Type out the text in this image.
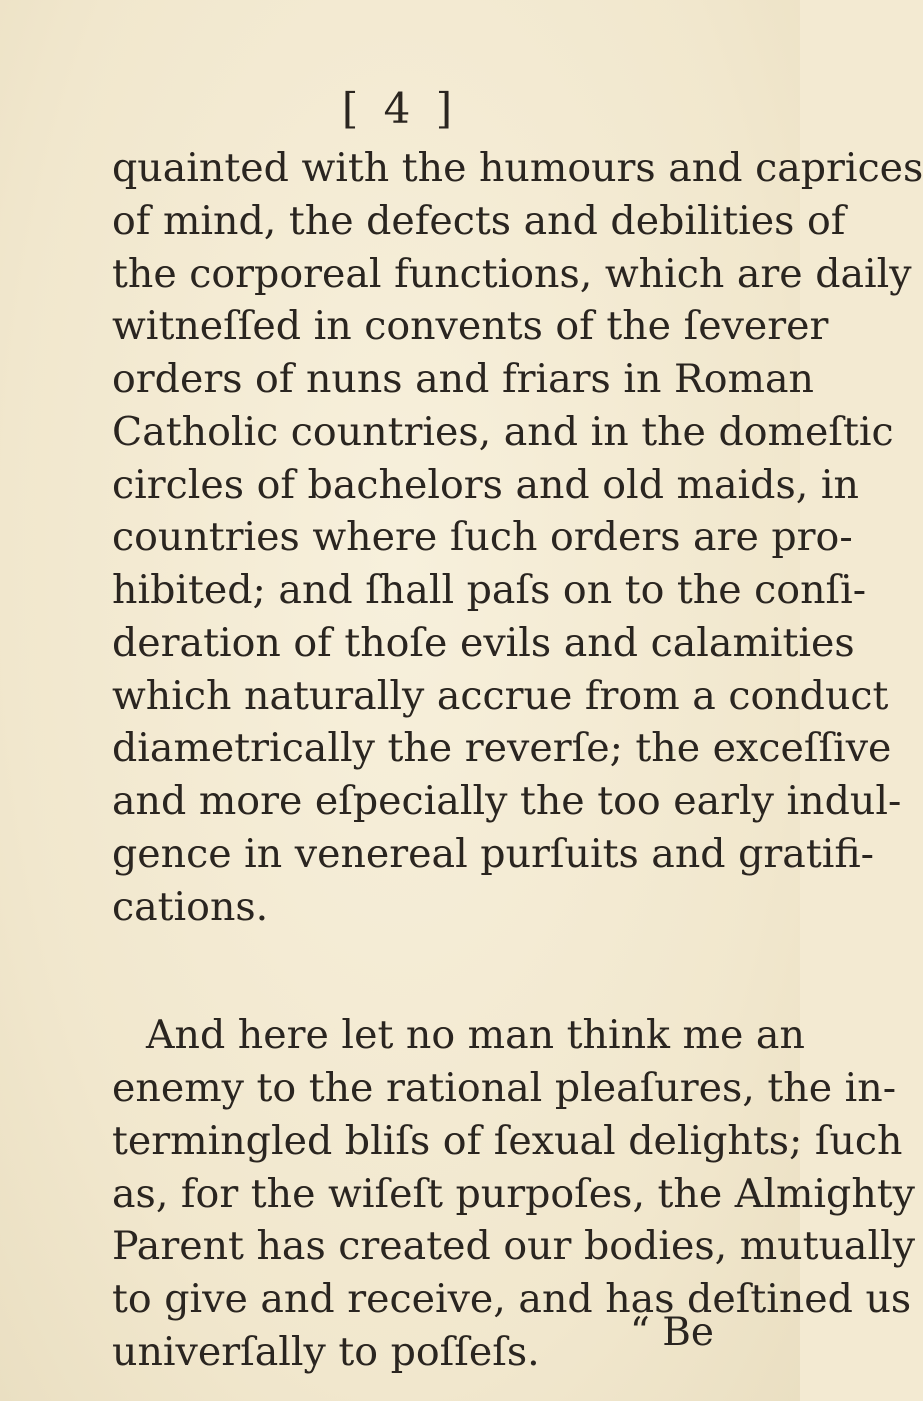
[ 4 ]
quainted with the humours and caprices
of mind, the defects and debilities of
the corporeal functions, which are daily
witneſſed in convents of the ſeverer
orders of nuns and friars in Roman
Catholic countries, and in the domeſtic
circles of bachelors and old maids, in
countries where ſuch orders are pro-
hibited; and ſhall paſs on to the conſi-
deration of thoſe evils and calamities
which naturally accrue from a conduct
diametrically the reverſe; the exceſſive
and more eſpecially the too early indul-
gence in venereal purſuits and gratifi-
cations.
And here let no man think me an
enemy to the rational pleaſures, the in-
termingled bliſs of ſexual delights; ſuch
as, for the wiſeſt purpoſes, the Almighty
Parent has created our bodies, mutually
to give and receive, and has deſtined us
univerſally to poſſeſs. “ Be
